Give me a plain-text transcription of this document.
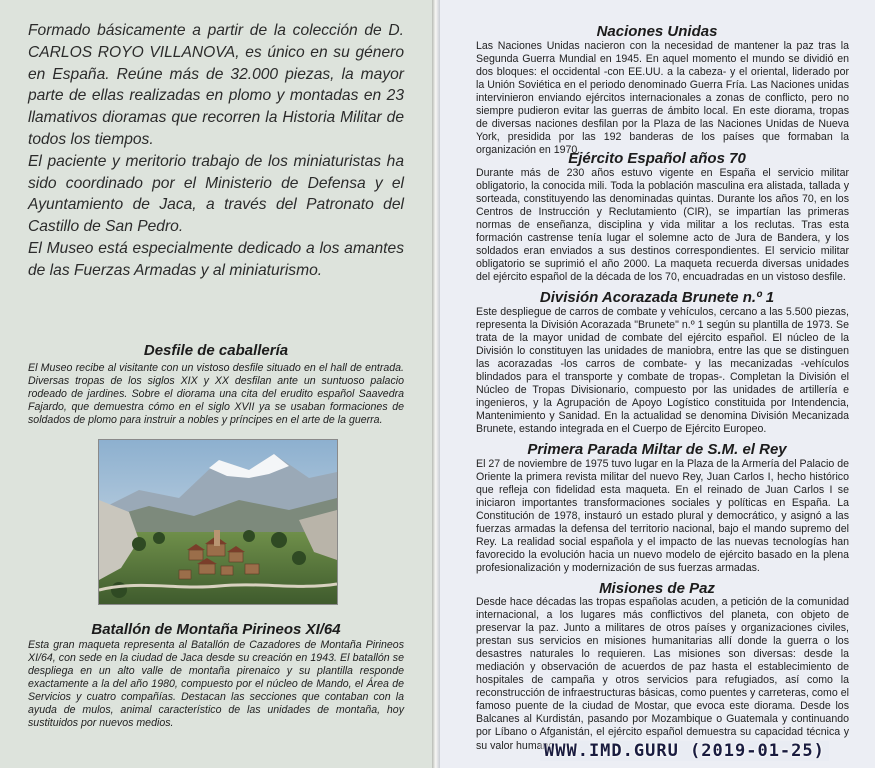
Formado básicamente a partir de la colección de D. CARLOS ROYO VILLANOVA, es único en su género en España. Reúne más de 32.000 piezas, la mayor parte de ellas realizadas en plomo y montadas en 23 llamativos dioramas que recorren la Historia Militar de todos los tiempos.

El paciente y meritorio trabajo de los miniaturistas ha sido coordinado por el Ministerio de Defensa y el Ayuntamiento de Jaca, a través del Patronato del Castillo de San Pedro.

El Museo está especialmente dedicado a los amantes de las Fuerzas Armadas y al miniaturismo.

Desfile de caballería

El Museo recibe al visitante con un vistoso desfile situado en el hall de entrada. Diversas tropas de los siglos XIX y XX desfilan ante un suntuoso palacio rodeado de jardines. Sobre el diorama una cita del erudito español Saavedra Fajardo, que demuestra cómo en el siglo XVII ya se usaban formaciones de soldados de plomo para instruir a nobles y príncipes en el arte de la guerra.

Batallón de Montaña Pirineos XI/64

Esta gran maqueta representa al Batallón de Cazadores de Montaña Pirineos XI/64, con sede en la ciudad de Jaca desde su creación en 1943. El batallón se despliega en un alto valle de montaña pirenaico y su plantilla responde exactamente a la del año 1980, compuesto por el núcleo de Mando, el Área de Servicios y cuatro compañías. Destacan las secciones que contaban con la ayuda de mulos, animal característico de las unidades de montaña, hoy sustituidos por nuevos medios.

Naciones Unidas

Las Naciones Unidas nacieron con la necesidad de mantener la paz tras la Segunda Guerra Mundial en 1945. En aquel momento el mundo se dividió en dos bloques: el occidental -con EE.UU. a la cabeza- y el oriental, liderado por la Unión Soviética en el periodo denominado Guerra Fría. Las Naciones unidas intervinieron enviando ejércitos internacionales a zonas de conflicto, pero no siempre pudieron evitar las guerras de ámbito local. En este diorama, tropas de diversas naciones desfilan por la Plaza de las Naciones Unidas de Nueva York, presidida por las 192 banderas de los países que formaban la organización en 1970.

Ejército Español años 70

Durante más de 230 años estuvo vigente en España el servicio militar obligatorio, la conocida mili. Toda la población masculina era alistada, tallada y sorteada, constituyendo las denominadas quintas. Durante los años 70, en los Centros de Instrucción y Reclutamiento (CIR), se impartían las primeras normas de enseñanza, disciplina y vida militar a los reclutas. Tras esta formación castrense tenía lugar el solemne acto de Jura de Bandera, y los soldados eran enviados a sus destinos correspondientes. El servicio militar obligatorio se suprimió el año 2000. La maqueta recuerda diversas unidades del ejército español de la década de los 70, encuadradas en un vistoso desfile.

División Acorazada Brunete n.º 1

Este despliegue de carros de combate y vehículos, cercano a las 5.500 piezas, representa la División Acorazada "Brunete" n.º 1 según su plantilla de 1973. Se trata de la mayor unidad de combate del ejército español. El núcleo de la División lo constituyen las unidades de maniobra, entre las que se distinguen las acorazadas -los carros de combate- y las mecanizadas -vehículos blindados para el transporte y combate de tropas-. Completan la División el Núcleo de Tropas Divisionario, compuesto por las unidades de artillería e ingenieros, y la Agrupación de Apoyo Logístico constituida por Intendencia, Mantenimiento y Sanidad. En la actualidad se denomina División Mecanizada Brunete, estando integrada en el Cuerpo de Ejército Europeo.

Primera Parada Miltar de S.M. el Rey

El 27 de noviembre de 1975 tuvo lugar en la Plaza de la Armería del Palacio de Oriente la primera revista militar del nuevo Rey, Juan Carlos I, hecho histórico que refleja con fidelidad esta maqueta. En el reinado de Juan Carlos I se iniciaron importantes transformaciones sociales y políticas en España. La Constitución de 1978, instauró un estado plural y democrático, y asignó a las fuerzas armadas la defensa del territorio nacional, bajo el mando supremo del Rey. La realidad social española y el impacto de las nuevas tecnologías han favorecido la evolución hacia un nuevo modelo de ejército basado en la plena profesionalización y modernización de sus fuerzas armadas.

Misiones de Paz

Desde hace décadas las tropas españolas acuden, a petición de la comunidad internacional, a los lugares más conflictivos del planeta, con objeto de preservar la paz. Junto a militares de otros países y organizaciones civiles, prestan sus servicios en misiones humanitarias allí donde la guerra o los desastres naturales lo requieren. Las misiones son diversas: desde la mediación y observación de acuerdos de paz hasta el establecimiento de hospitales de campaña y otros servicios para refugiados, así como la reconstrucción de infraestructuras básicas, como puentes y carreteras, como el famoso puente de la ciudad de Mostar, que evoca este diorama. Desde los Balcanes al Kurdistán, pasando por Mozambique o Guatemala y continuando por Líbano o Afganistán, el ejército español demuestra su capacidad técnica y su valor humano.

WWW.IMD.GURU (2019-01-25)
